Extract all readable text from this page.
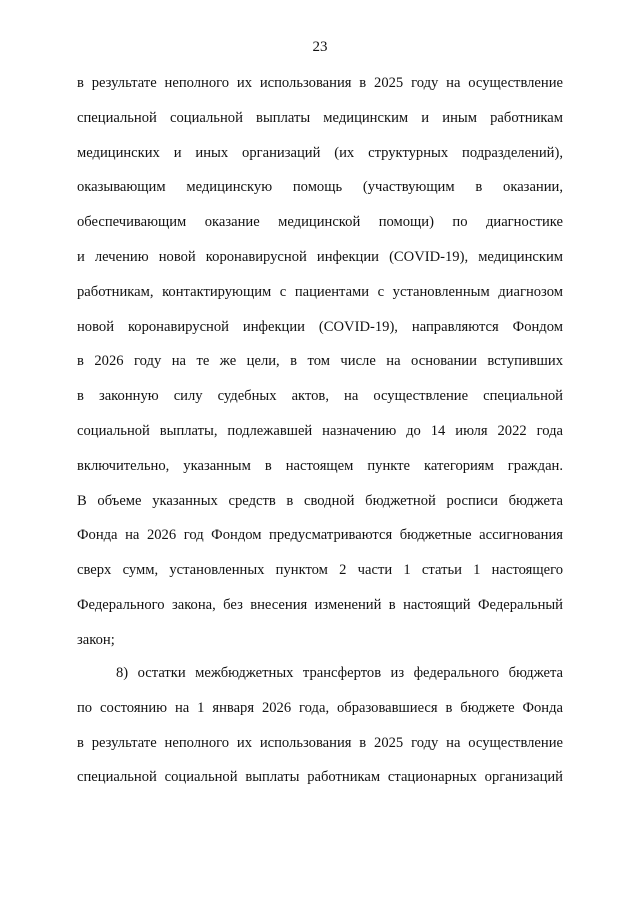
23
в результате неполного их использования в 2025 году на осуществление
специальной социальной выплаты медицинским и иным работникам
медицинских и иных организаций (их структурных подразделений),
оказывающим медицинскую помощь (участвующим в оказании,
обеспечивающим оказание медицинской помощи) по диагностике
и лечению новой коронавирусной инфекции (COVID-19), медицинским
работникам, контактирующим с пациентами с установленным диагнозом
новой коронавирусной инфекции (COVID-19), направляются Фондом
в 2026 году на те же цели, в том числе на основании вступивших
в законную силу судебных актов, на осуществление специальной
социальной выплаты, подлежавшей назначению до 14 июля 2022 года
включительно, указанным в настоящем пункте категориям граждан.
В объеме указанных средств в сводной бюджетной росписи бюджета
Фонда на 2026 год Фондом предусматриваются бюджетные ассигнования
сверх сумм, установленных пунктом 2 части 1 статьи 1 настоящего
Федерального закона, без внесения изменений в настоящий Федеральный
закон;
8) остатки межбюджетных трансфертов из федерального бюджета
по состоянию на 1 января 2026 года, образовавшиеся в бюджете Фонда
в результате неполного их использования в 2025 году на осуществление
специальной социальной выплаты работникам стационарных организаций
